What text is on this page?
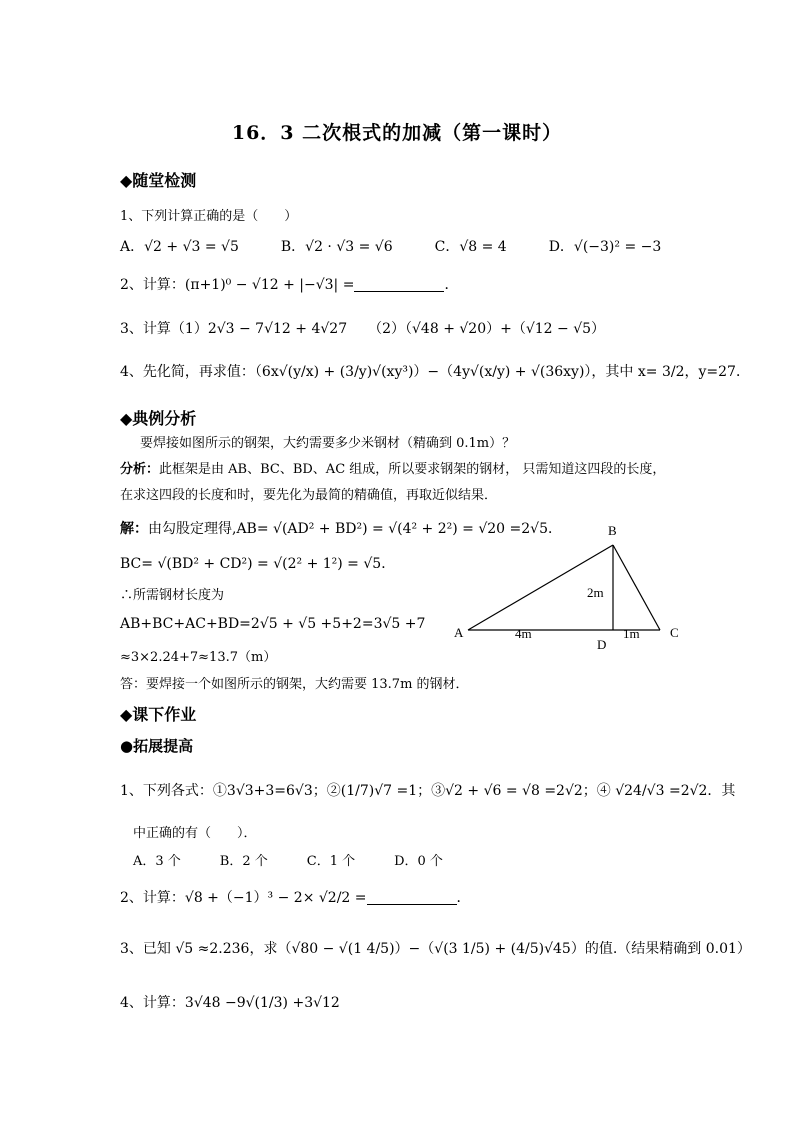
16．3 二次根式的加减（第一课时）
◆随堂检测
1、下列计算正确的是（　　）
A．√2 + √3 = √5　　　B．√2 · √3 = √6　　　C．√8 = 4　　　D．√(−3)² = −3
2、计算：(π+1)⁰ − √12 + |−√3| =	．
3、计算（1）2√3 − 7√12 + 4√27　　（2）（√48 + √20）+（√12 − √5）
4、先化简，再求值：（6x√(y/x) + (3/y)√(xy³)）−（4y√(x/y) + √(36xy)），其中 x= 3/2，y=27．
◆典例分析
要焊接如图所示的钢架，大约需要多少米钢材（精确到 0.1m）？
分析：此框架是由 AB、BC、BD、AC 组成，所以要求钢架的钢材， 只需知道这四段的长度，
在求这四段的长度和时，要先化为最简的精确值，再取近似结果．
解：由勾股定理得,AB= √(AD² + BD²) = √(4² + 2²) = √20 =2√5．
BC= √(BD² + CD²) = √(2² + 1²) = √5．
∴所需钢材长度为
AB+BC+AC+BD=2√5 + √5 +5+2=3√5 +7
≈3×2.24+7≈13.7（m）
答：要焊接一个如图所示的钢架，大约需要 13.7m 的钢材．
A
B
C
D
4m	1m
2m
◆课下作业
●拓展提高
1、下列各式：①3√3+3=6√3；②(1/7)√7 =1；③√2 + √6 = √8 =2√2；④ √24/√3 =2√2．其
中正确的有（　　）．
A．3 个　　　B．2 个　　　C．1 个　　　D．0 个
2、计算：√8 +（−1）³ − 2× √2/2 =	．
3、已知 √5 ≈2.236，求（√80 − √(1 4/5)）−（√(3 1/5) + (4/5)√45）的值.（结果精确到 0.01）
4、计算：3√48 −9√(1/3) +3√12
